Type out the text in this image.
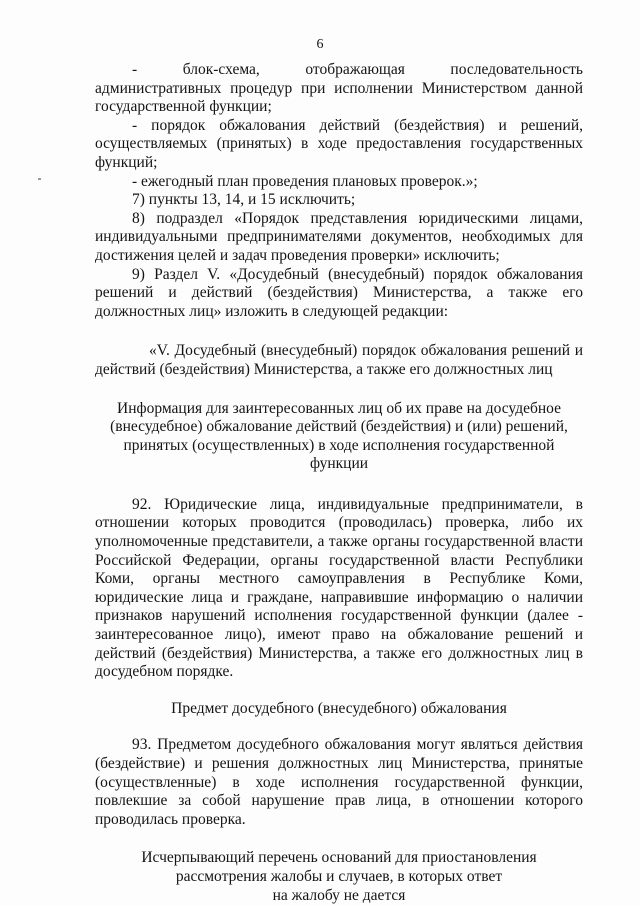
6

- блок-схема, отображающая последовательность административных процедур при исполнении Министерством данной государственной функции;

- порядок обжалования действий (бездействия) и решений, осуществляемых (принятых) в ходе предоставления государственных функций;

- ежегодный план проведения плановых проверок.»;

7) пункты 13, 14, и 15 исключить;

8) подраздел «Порядок представления юридическими лицами, индивидуальными предпринимателями документов, необходимых для достижения целей и задач проведения проверки» исключить;

9) Раздел V. «Досудебный (внесудебный) порядок обжалования решений и действий (бездействия) Министерства, а также его должностных лиц» изложить в следующей редакции:

«V. Досудебный (внесудебный) порядок обжалования решений и действий (бездействия) Министерства, а также его должностных лиц

Информация для заинтересованных лиц об их праве на досудебное (внесудебное) обжалование действий (бездействия) и (или) решений, принятых (осуществленных) в ходе исполнения государственной функции

92. Юридические лица, индивидуальные предприниматели, в отношении которых проводится (проводилась) проверка, либо их уполномоченные представители, а также органы государственной власти Российской Федерации, органы государственной власти Республики Коми, органы местного самоуправления в Республике Коми, юридические лица и граждане, направившие информацию о наличии признаков нарушений исполнения государственной функции (далее - заинтересованное лицо), имеют право на обжалование решений и действий (бездействия) Министерства, а также его должностных лиц в досудебном порядке.

Предмет досудебного (внесудебного) обжалования

93. Предметом досудебного обжалования могут являться действия (бездействие) и решения должностных лиц Министерства, принятые (осуществленные) в ходе исполнения государственной функции, повлекшие за собой нарушение прав лица, в отношении которого проводилась проверка.

Исчерпывающий перечень оснований для приостановления
рассмотрения жалобы и случаев, в которых ответ
на жалобу не дается
